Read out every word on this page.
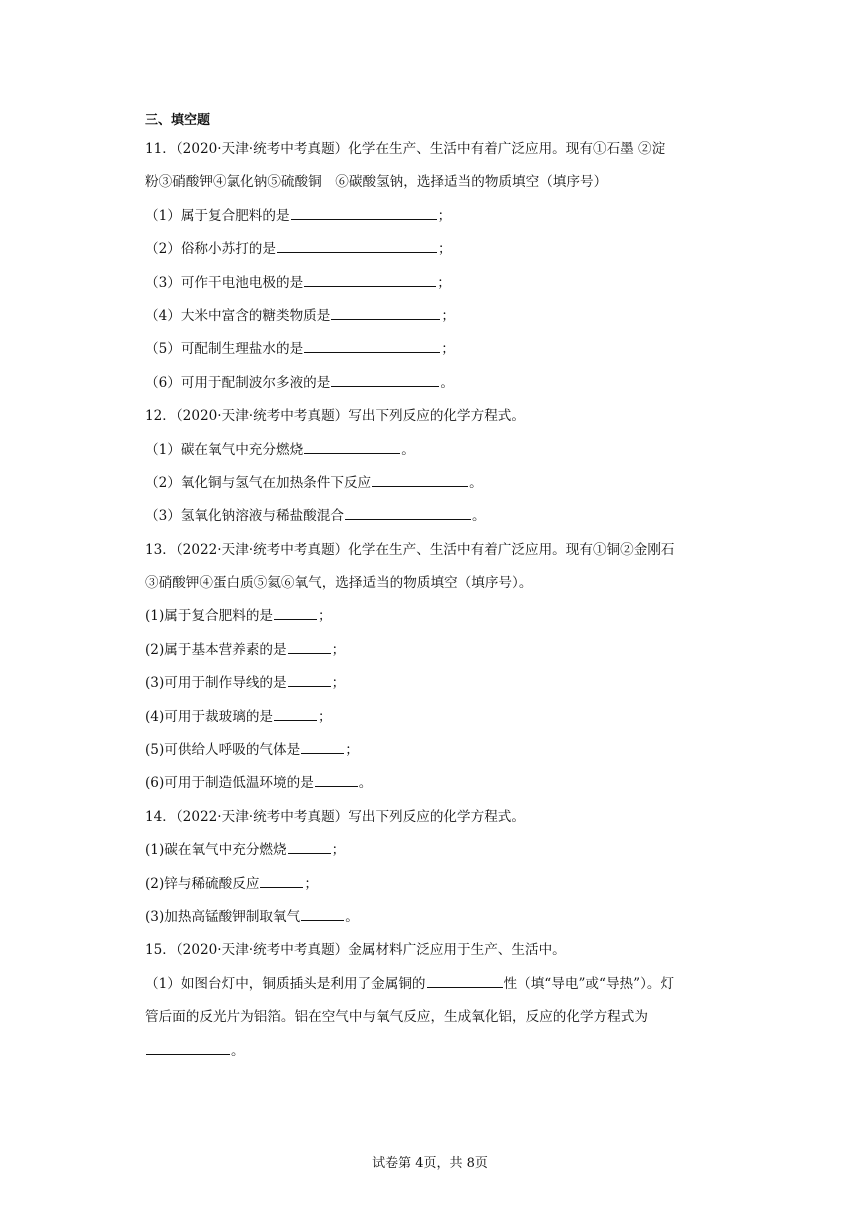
三、填空题
11．（2020·天津·统考中考真题）化学在生产、生活中有着广泛应用。现有①石墨 ②淀
粉③硝酸钾④氯化钠⑤硫酸铜　⑥碳酸氢钠，选择适当的物质填空（填序号）
（1）属于复合肥料的是	；
（2）俗称小苏打的是	；
（3）可作干电池电极的是	；
（4）大米中富含的糖类物质是	；
（5）可配制生理盐水的是	；
（6）可用于配制波尔多液的是	。
12．（2020·天津·统考中考真题）写出下列反应的化学方程式。
（1）碳在氧气中充分燃烧	。
（2）氧化铜与氢气在加热条件下反应	。
（3）氢氧化钠溶液与稀盐酸混合	。
13．（2022·天津·统考中考真题）化学在生产、生活中有着广泛应用。现有①铜②金刚石
③硝酸钾④蛋白质⑤氦⑥氧气，选择适当的物质填空（填序号）。
(1)属于复合肥料的是	；
(2)属于基本营养素的是	；
(3)可用于制作导线的是	；
(4)可用于裁玻璃的是	；
(5)可供给人呼吸的气体是	；
(6)可用于制造低温环境的是	。
14．（2022·天津·统考中考真题）写出下列反应的化学方程式。
(1)碳在氧气中充分燃烧	；
(2)锌与稀硫酸反应	；
(3)加热高锰酸钾制取氧气	。
15．（2020·天津·统考中考真题）金属材料广泛应用于生产、生活中。
（1）如图台灯中，铜质插头是利用了金属铜的	性（填“导电”或“导热”）。灯
管后面的反光片为铝箔。铝在空气中与氧气反应，生成氧化铝，反应的化学方程式为
。
试卷第 4页，共 8页
